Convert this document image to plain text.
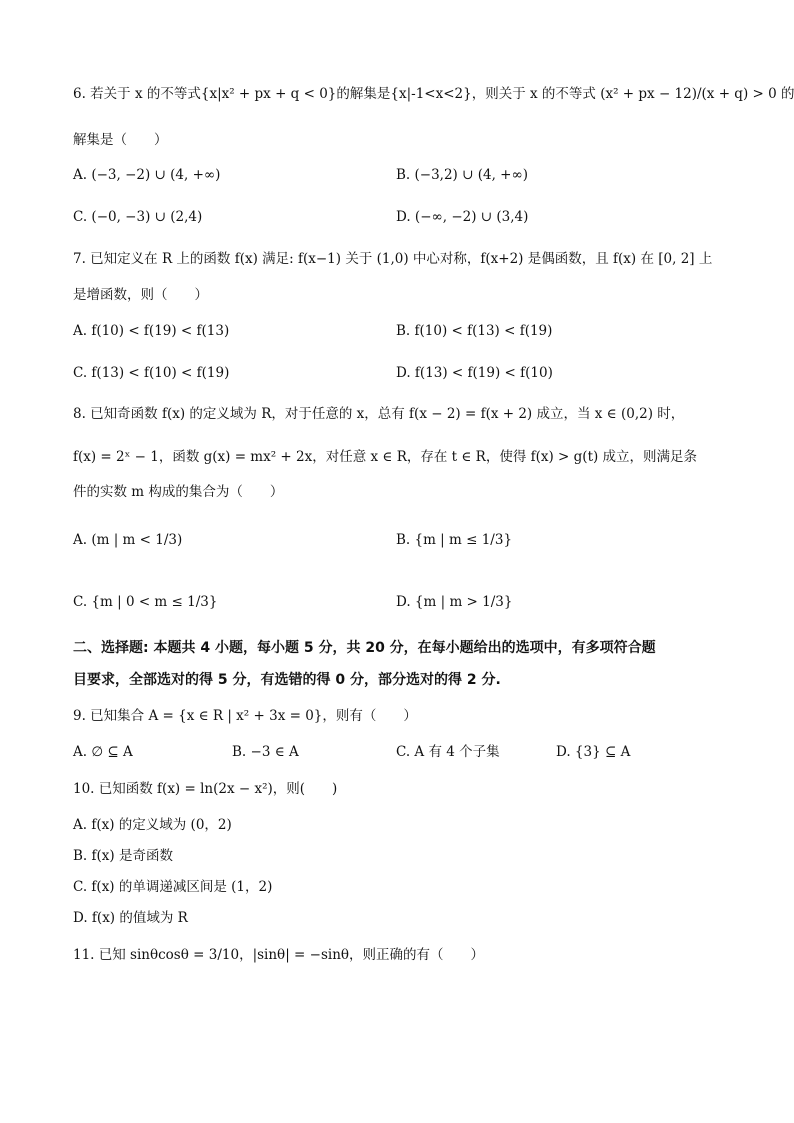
6. 若关于 x 的不等式{x|x² + px + q < 0}的解集是{x|-1<x<2}，则关于 x 的不等式 (x² + px − 12)/(x + q) > 0 的
解集是（　　）
A. (−3, −2) ∪ (4, +∞)	B. (−3,2) ∪ (4, +∞)
C. (−0, −3) ∪ (2,4)	D. (−∞, −2) ∪ (3,4)
7. 已知定义在 R 上的函数 f(x) 满足: f(x−1) 关于 (1,0) 中心对称，f(x+2) 是偶函数，且 f(x) 在 [0, 2] 上
是增函数，则（　　）
A. f(10) < f(19) < f(13)	B. f(10) < f(13) < f(19)
C. f(13) < f(10) < f(19)	D. f(13) < f(19) < f(10)
8. 已知奇函数 f(x) 的定义域为 R，对于任意的 x，总有 f(x − 2) = f(x + 2) 成立，当 x ∈ (0,2) 时，
f(x) = 2ˣ − 1，函数 g(x) = mx² + 2x，对任意 x ∈ R，存在 t ∈ R，使得 f(x) > g(t) 成立，则满足条
件的实数 m 构成的集合为（　　）
A. (m | m < 1/3)	B. {m | m ≤ 1/3}
C. {m | 0 < m ≤ 1/3}	D. {m | m > 1/3}
二、选择题: 本题共 4 小题，每小题 5 分，共 20 分，在每小题给出的选项中，有多项符合题
目要求，全部选对的得 5 分，有选错的得 0 分，部分选对的得 2 分.
9. 已知集合 A = {x ∈ R | x² + 3x = 0}，则有（　　）
A. ∅ ⊆ A	B. −3 ∈ A	C. A 有 4 个子集	D. {3} ⊆ A
10. 已知函数 f(x) = ln(2x − x²)，则(　　)
A. f(x) 的定义域为 (0，2)
B. f(x) 是奇函数
C. f(x) 的单调递减区间是 (1，2)
D. f(x) 的值域为 R
11. 已知 sinθcosθ = 3/10，|sinθ| = −sinθ，则正确的有（　　）
